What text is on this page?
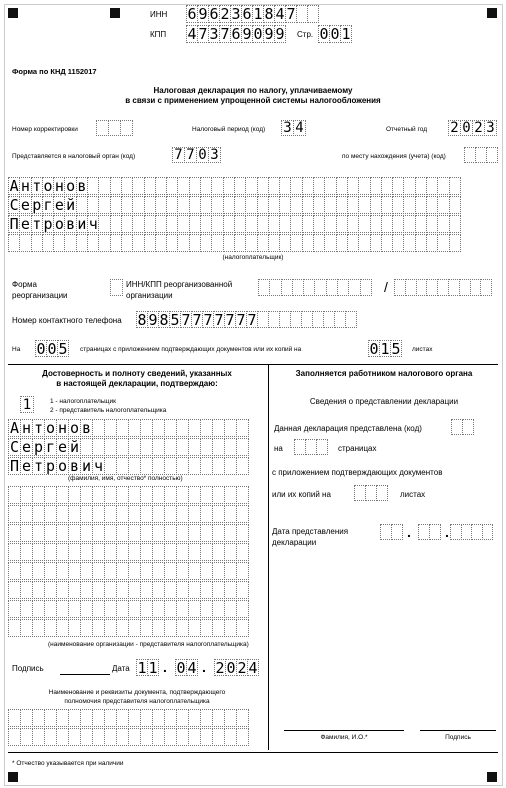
ИНН 6 9 6 2 3 6 1 8 4 7
КПП 4 7 3 7 6 9 0 9 9 Стр. 0 0 1
Форма по КНД 1152017
Налоговая декларация по налогу, уплачиваемому
в связи с применением упрощенной системы налогообложения
Номер корректировки	Налоговый период (код) 3 4	Отчетный год 2 0 2 3
Представляется в налоговый орган (код)	7 7 0 3	по месту нахождения (учета) (код)
А н т о н о в
С е р г е й
П е т р о в и ч
(налогоплательщик)
Форма
реорганизации
ИНН/КПП реорганизованной
организации
/
Номер контактного телефона 8 9 8 5 7 7 7 7 7 7 7
На 0 0 5 страницах с приложением подтверждающих документов или их копий на	0 1 5 листах
Достоверность и полноту сведений, указанных
в настоящей декларации, подтверждаю:
1	1 - налогоплательщик
2 - представитель налогоплательщика
А н т о н о в
С е р г е й
П е т р о в и ч
(фамилия, имя, отчество* полностью)
(наименование организации - представителя налогоплательщика)
Подпись	Дата 1 1 . 0 4 . 2 0 2 4
Наименование и реквизиты документа, подтверждающего
полномочия представителя налогоплательщика
Заполняется работником налогового органа
Сведения о представлении декларации
Данная декларация представлена (код)
на	страницах
с приложением подтверждающих документов
или их копий на	листах
Дата представления
декларации
. .
Фамилия, И.О.*	Подпись
* Отчество указывается при наличии
